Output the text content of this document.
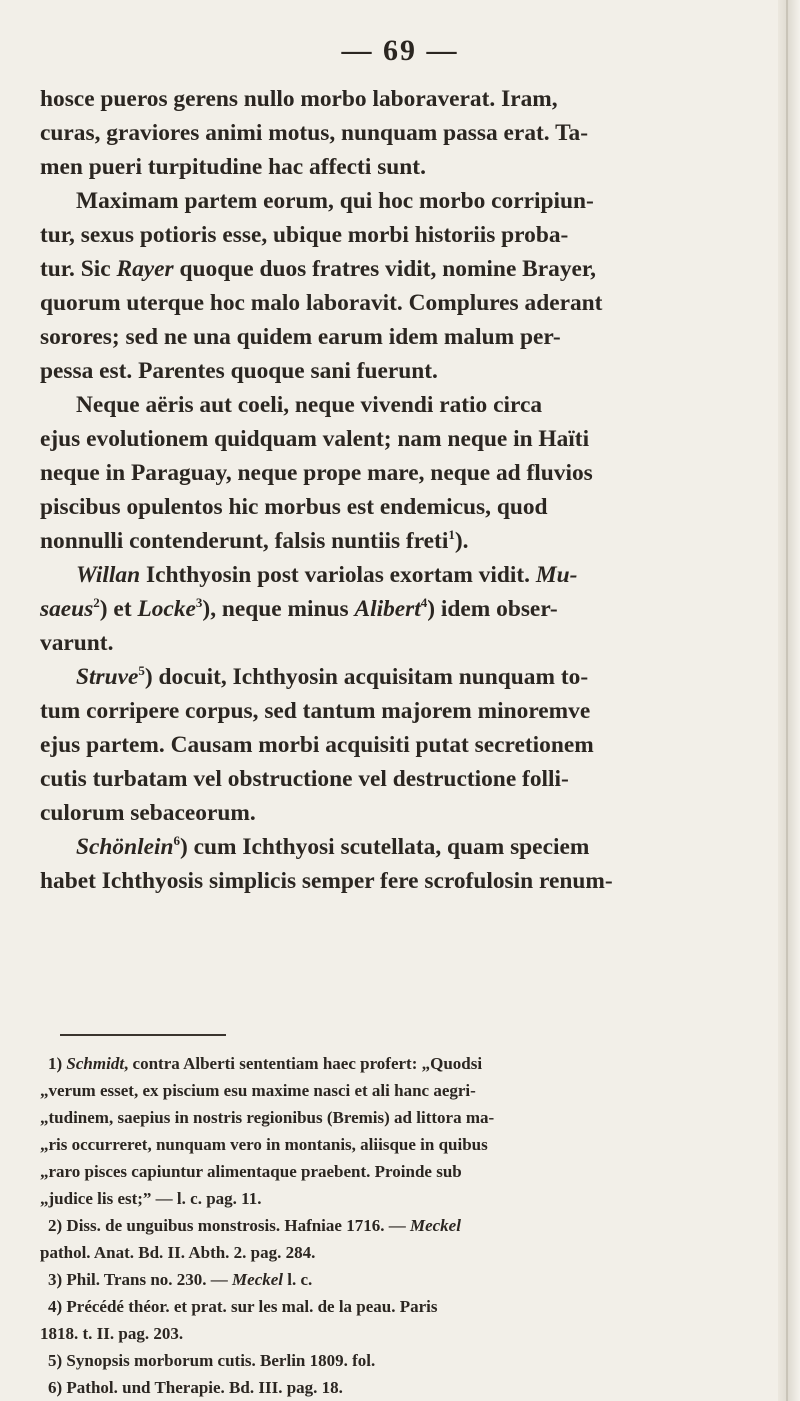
— 69 —
hosce pueros gerens nullo morbo laboraverat. Iram,
curas, graviores animi motus, nunquam passa erat. Ta-
men pueri turpitudine hac affecti sunt.
Maximam partem eorum, qui hoc morbo corripiun-
tur, sexus potioris esse, ubique morbi historiis proba-
tur. Sic Rayer quoque duos fratres vidit, nomine Brayer,
quorum uterque hoc malo laboravit. Complures aderant
sorores; sed ne una quidem earum idem malum per-
pessa est. Parentes quoque sani fuerunt.
Neque aëris aut coeli, neque vivendi ratio circa
ejus evolutionem quidquam valent; nam neque in Haïti
neque in Paraguay, neque prope mare, neque ad fluvios
piscibus opulentos hic morbus est endemicus, quod
nonnulli contenderunt, falsis nuntiis freti$^1$).
Willan Ichthyosin post variolas exortam vidit. Mu-
saeus$^2$) et Locke$^3$), neque minus Alibert$^4$) idem obser-
varunt.
Struve$^5$) docuit, Ichthyosin acquisitam nunquam to-
tum corripere corpus, sed tantum majorem minoremve
ejus partem. Causam morbi acquisiti putat secretionem
cutis turbatam vel obstructione vel destructione folli-
culorum sebaceorum.
Schönlein$^6$) cum Ichthyosi scutellata, quam speciem
habet Ichthyosis simplicis semper fere scrofulosin renum-
1) Schmidt, contra Alberti sententiam haec profert: „Quodsi
„verum esset, ex piscium esu maxime nasci et ali hanc aegri-
„tudinem, saepius in nostris regionibus (Bremis) ad littora ma-
„ris occurreret, nunquam vero in montanis, aliisque in quibus
„raro pisces capiuntur alimentaque praebent. Proinde sub
„judice lis est;” — l. c. pag. 11.
2) Diss. de unguibus monstrosis. Hafniae 1716. — Meckel
pathol. Anat. Bd. II. Abth. 2. pag. 284.
3) Phil. Trans no. 230. — Meckel l. c.
4) Précédé théor. et prat. sur les mal. de la peau. Paris
1818. t. II. pag. 203.
5) Synopsis morborum cutis. Berlin 1809. fol.
6) Pathol. und Therapie. Bd. III. pag. 18.
